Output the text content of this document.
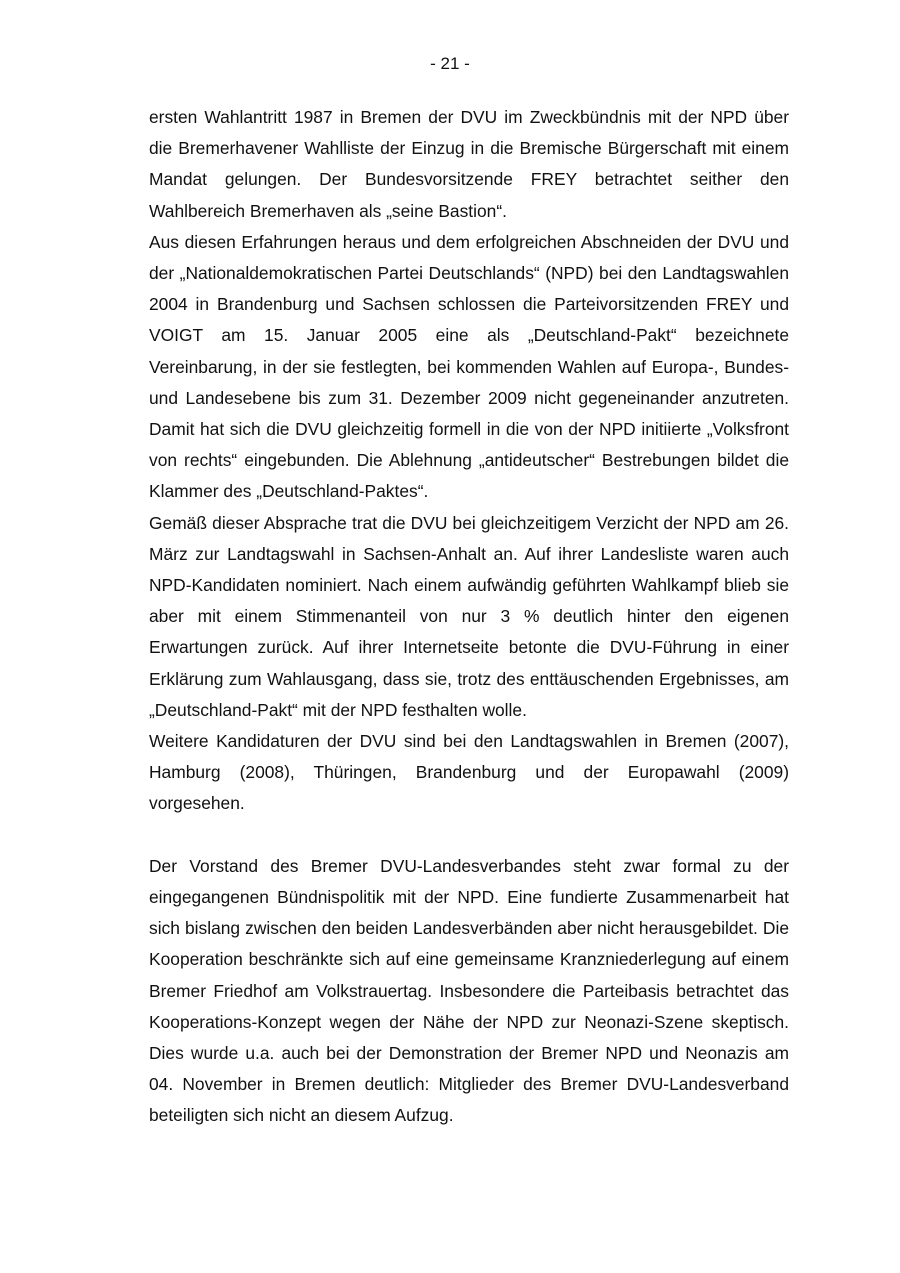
- 21 -

ersten Wahlantritt 1987 in Bremen der DVU im Zweckbündnis mit der NPD über die Bremerhavener Wahlliste der Einzug in die Bremische Bürgerschaft mit einem Mandat gelungen. Der Bundesvorsitzende FREY betrachtet seither den Wahlbereich Bremerhaven als „seine Bastion“.

Aus diesen Erfahrungen heraus und dem erfolgreichen Abschneiden der DVU und der „Nationaldemokratischen Partei Deutschlands“ (NPD) bei den Landtagswahlen 2004 in Brandenburg und Sachsen schlossen die Parteivorsitzenden FREY und VOIGT am 15. Januar 2005 eine als „Deutschland-Pakt“ bezeichnete Vereinbarung, in der sie festlegten, bei kommenden Wahlen auf Europa-, Bundes- und Landesebene bis zum 31. Dezember 2009 nicht gegeneinander anzutreten. Damit hat sich die DVU gleichzeitig formell in die von der NPD initiierte „Volksfront von rechts“ eingebunden. Die Ablehnung „antideutscher“ Bestrebungen bildet die Klammer des „Deutschland-Paktes“.

Gemäß dieser Absprache trat die DVU bei gleichzeitigem Verzicht der NPD am 26. März zur Landtagswahl in Sachsen-Anhalt an. Auf ihrer Landesliste waren auch NPD-Kandidaten nominiert. Nach einem aufwändig geführten Wahlkampf blieb sie aber mit einem Stimmenanteil von nur 3 % deutlich hinter den eigenen Erwartungen zurück. Auf ihrer Internetseite betonte die DVU-Führung in einer Erklärung zum Wahlausgang, dass sie, trotz des enttäuschenden Ergebnisses, am „Deutschland-Pakt“ mit der NPD festhalten wolle.

Weitere Kandidaturen der DVU sind bei den Landtagswahlen in Bremen (2007), Hamburg (2008), Thüringen, Brandenburg und der Europawahl (2009) vorgesehen.

Der Vorstand des Bremer DVU-Landesverbandes steht zwar formal zu der eingegangenen Bündnispolitik mit der NPD. Eine fundierte Zusammenarbeit hat sich bislang zwischen den beiden Landesverbänden aber nicht herausgebildet. Die Kooperation beschränkte sich auf eine gemeinsame Kranzniederlegung auf einem Bremer Friedhof am Volkstrauertag. Insbesondere die Parteibasis betrachtet das Kooperations-Konzept wegen der Nähe der NPD zur Neonazi-Szene skeptisch. Dies wurde u.a. auch bei der Demonstration der Bremer NPD und Neonazis am 04. November in Bremen deutlich: Mitglieder des Bremer DVU-Landesverband beteiligten sich nicht an diesem Aufzug.
